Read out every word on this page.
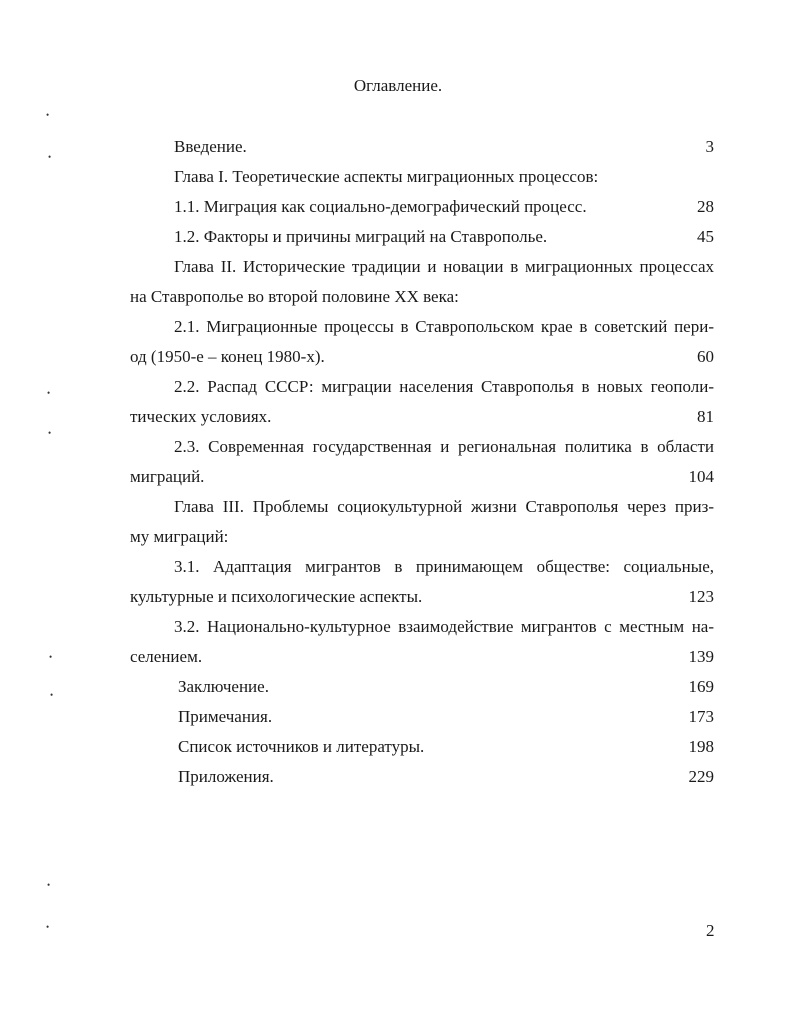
Оглавление.
Введение.	3
Глава I. Теоретические аспекты миграционных процессов:
1.1. Миграция как социально-демографический процесс.	28
1.2. Факторы и причины миграций на Ставрополье.	45
Глава II. Исторические традиции и новации в миграционных процессах
на Ставрополье во второй половине XX века:
2.1. Миграционные процессы в Ставропольском крае в советский пери-
од (1950-е – конец 1980-х).	60
2.2. Распад СССР: миграции населения Ставрополья в новых геополи-
тических условиях.	81
2.3. Современная государственная и региональная политика в области
миграций.	104
Глава III. Проблемы социокультурной жизни Ставрополья через приз-
му миграций:
3.1. Адаптация мигрантов в принимающем обществе: социальные,
культурные и психологические аспекты.	123
3.2. Национально-культурное взаимодействие мигрантов с местным на-
селением.	139
Заключение.	169
Примечания.	173
Список источников и литературы.	198
Приложения.	229
2
•
•
•
•
•
•
•
•
